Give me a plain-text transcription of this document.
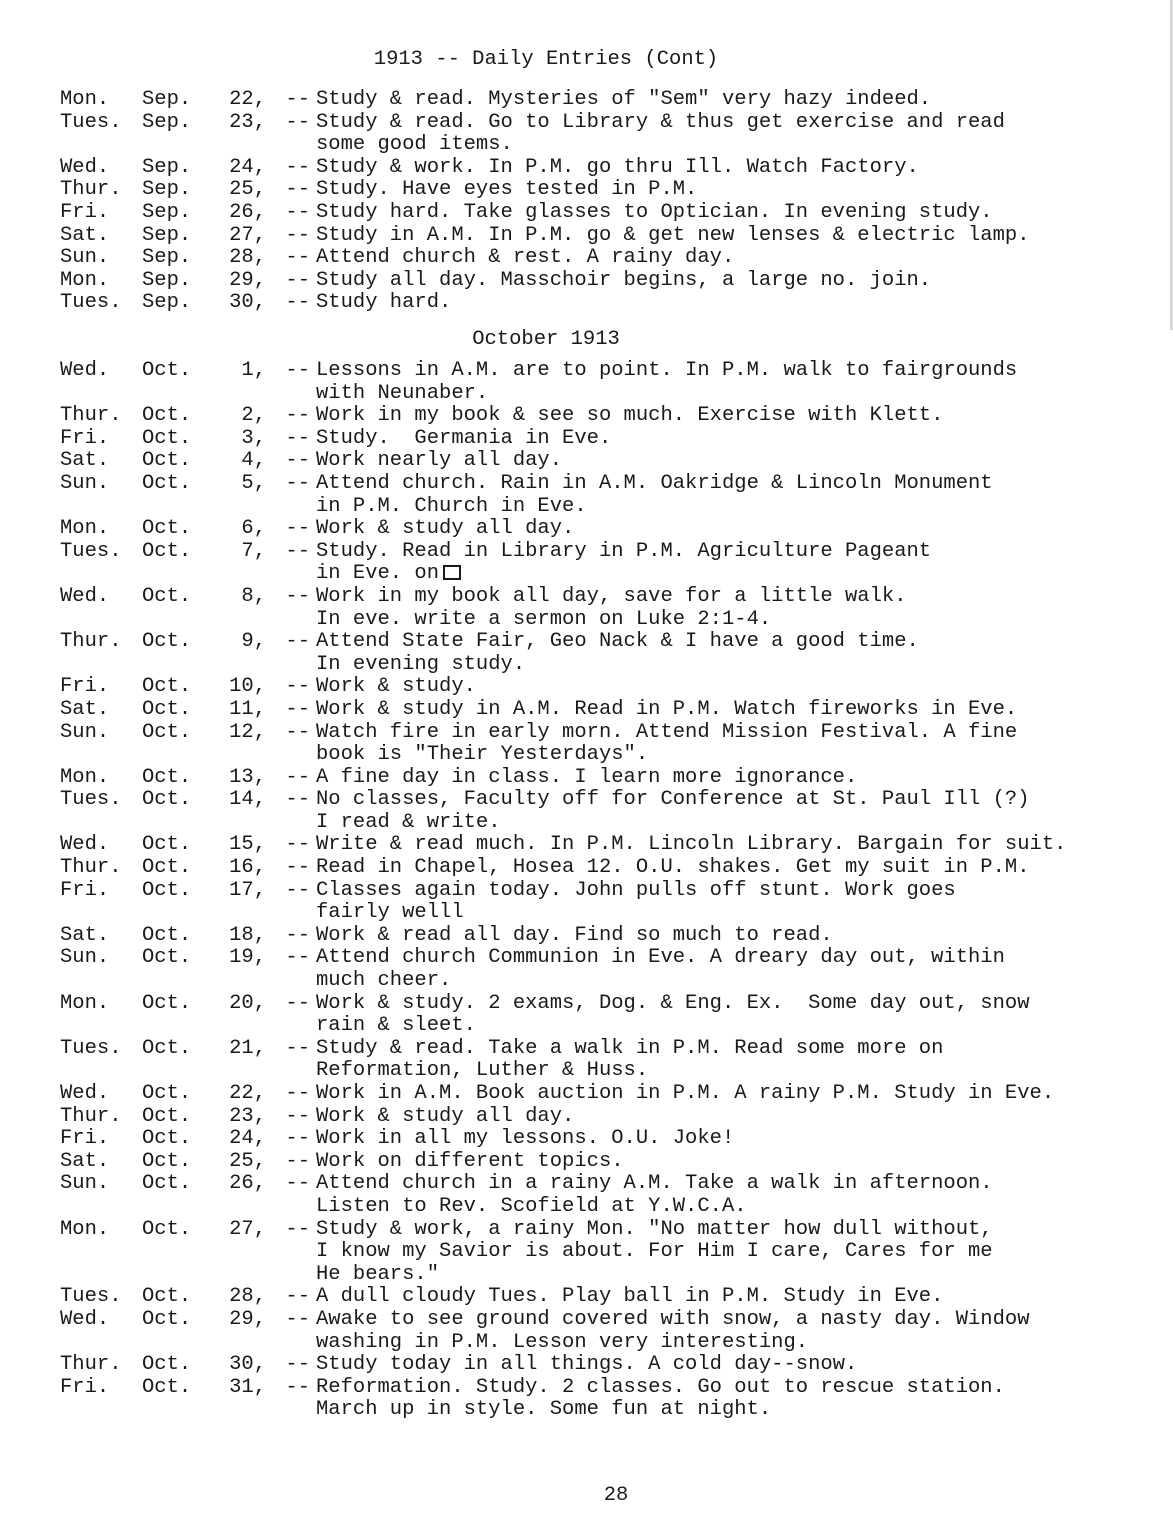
1913 -- Daily Entries (Cont)
Mon.	Sep.	22, -- Study & read. Mysteries of "Sem" very hazy indeed.
Tues. Sep.	23, -- Study & read. Go to Library & thus get exercise and read
some good items.
Wed.	Sep.	24, -- Study & work. In P.M. go thru Ill. Watch Factory.
Thur. Sep.	25, -- Study. Have eyes tested in P.M.
Fri.	Sep.	26, -- Study hard. Take glasses to Optician. In evening study.
Sat.	Sep.	27, -- Study in A.M. In P.M. go & get new lenses & electric lamp.
Sun.	Sep.	28, -- Attend church & rest. A rainy day.
Mon.	Sep.	29, -- Study all day. Masschoir begins, a large no. join.
Tues. Sep.	30, -- Study hard.
October 1913
Wed.	Oct.	1, -- Lessons in A.M. are to point. In P.M. walk to fairgrounds
with Neunaber.
Thur. Oct.	2, -- Work in my book & see so much. Exercise with Klett.
Fri.	Oct.	3, -- Study.  Germania in Eve.
Sat.	Oct.	4, -- Work nearly all day.
Sun.	Oct.	5, -- Attend church. Rain in A.M. Oakridge & Lincoln Monument
in P.M. Church in Eve.
Mon.	Oct.	6, -- Work & study all day.
Tues. Oct.	7, -- Study. Read in Library in P.M. Agriculture Pageant
in Eve. on
Wed.	Oct.	8, -- Work in my book all day, save for a little walk.
In eve. write a sermon on Luke 2:1-4.
Thur. Oct.	9, -- Attend State Fair, Geo Nack & I have a good time.
In evening study.
Fri.	Oct.	10, -- Work & study.
Sat.	Oct.	11, -- Work & study in A.M. Read in P.M. Watch fireworks in Eve.
Sun.	Oct.	12, -- Watch fire in early morn. Attend Mission Festival. A fine
book is "Their Yesterdays".
Mon.	Oct.	13, -- A fine day in class. I learn more ignorance.
Tues. Oct.	14, -- No classes, Faculty off for Conference at St. Paul Ill (?)
I read & write.
Wed.	Oct.	15, -- Write & read much. In P.M. Lincoln Library. Bargain for suit.
Thur. Oct.	16, -- Read in Chapel, Hosea 12. O.U. shakes. Get my suit in P.M.
Fri.	Oct.	17, -- Classes again today. John pulls off stunt. Work goes
fairly welll
Sat.	Oct.	18, -- Work & read all day. Find so much to read.
Sun.	Oct.	19, -- Attend church Communion in Eve. A dreary day out, within
much cheer.
Mon.	Oct.	20, -- Work & study. 2 exams, Dog. & Eng. Ex.  Some day out, snow
rain & sleet.
Tues. Oct.	21, -- Study & read. Take a walk in P.M. Read some more on
Reformation, Luther & Huss.
Wed.	Oct.	22, -- Work in A.M. Book auction in P.M. A rainy P.M. Study in Eve.
Thur. Oct.	23, -- Work & study all day.
Fri.	Oct.	24, -- Work in all my lessons. O.U. Joke!
Sat.	Oct.	25, -- Work on different topics.
Sun.	Oct.	26, -- Attend church in a rainy A.M. Take a walk in afternoon.
Listen to Rev. Scofield at Y.W.C.A.
Mon.	Oct.	27, -- Study & work, a rainy Mon. "No matter how dull without,
I know my Savior is about. For Him I care, Cares for me
He bears."
Tues. Oct.	28, -- A dull cloudy Tues. Play ball in P.M. Study in Eve.
Wed.	Oct.	29, -- Awake to see ground covered with snow, a nasty day. Window
washing in P.M. Lesson very interesting.
Thur. Oct.	30, -- Study today in all things. A cold day--snow.
Fri.	Oct.	31, -- Reformation. Study. 2 classes. Go out to rescue station.
March up in style. Some fun at night.
28
